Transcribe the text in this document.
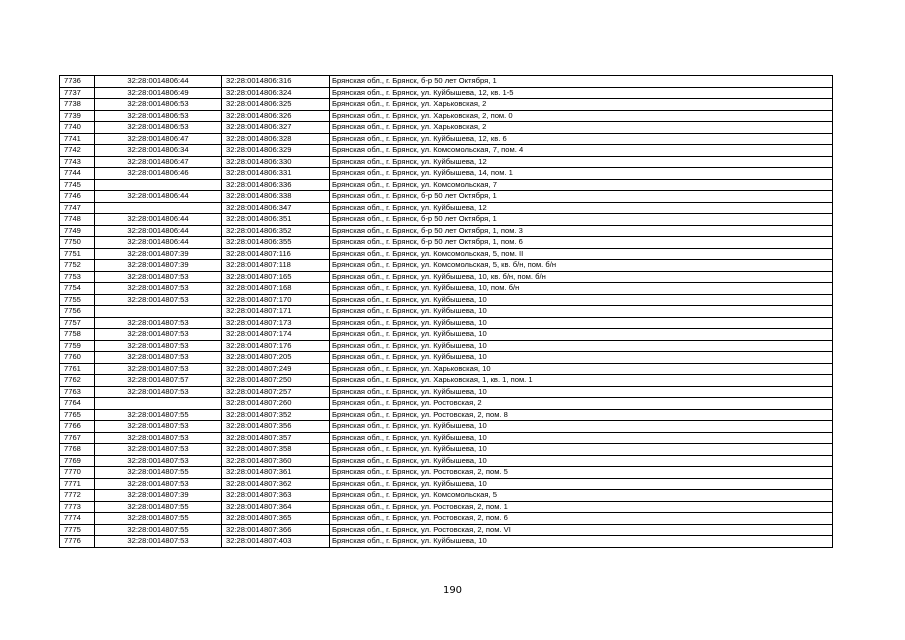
7736	32:28:0014806:44	32:28:0014806:316	Брянская обл., г. Брянск, б-р 50 лет Октября, 1
7737	32:28:0014806:49	32:28:0014806:324	Брянская обл., г. Брянск, ул. Куйбышева, 12, кв. 1-5
7738	32:28:0014806:53	32:28:0014806:325	Брянская обл., г. Брянск, ул. Харьковская, 2
7739	32:28:0014806:53	32:28:0014806:326	Брянская обл., г. Брянск, ул. Харьковская, 2, пом. 0
7740	32:28:0014806:53	32:28:0014806:327	Брянская обл., г. Брянск, ул. Харьковская, 2
7741	32:28:0014806:47	32:28:0014806:328	Брянская обл., г. Брянск, ул. Куйбышева, 12, кв. 6
7742	32:28:0014806:34	32:28:0014806:329	Брянская обл., г. Брянск, ул. Комсомольская, 7, пом. 4
7743	32:28:0014806:47	32:28:0014806:330	Брянская обл., г. Брянск, ул. Куйбышева, 12
7744	32:28:0014806:46	32:28:0014806:331	Брянская обл., г. Брянск, ул. Куйбышева, 14, пом. 1
7745		32:28:0014806:336	Брянская обл., г. Брянск, ул. Комсомольская, 7
7746	32:28:0014806:44	32:28:0014806:338	Брянская обл., г. Брянск, б-р 50 лет Октября, 1
7747		32:28:0014806:347	Брянская обл., г. Брянск, ул. Куйбышева, 12
7748	32:28:0014806:44	32:28:0014806:351	Брянская обл., г. Брянск, б-р 50 лет Октября, 1
7749	32:28:0014806:44	32:28:0014806:352	Брянская обл., г. Брянск, б-р 50 лет Октября, 1, пом. 3
7750	32:28:0014806:44	32:28:0014806:355	Брянская обл., г. Брянск, б-р 50 лет Октября, 1, пом. 6
7751	32:28:0014807:39	32:28:0014807:116	Брянская обл., г. Брянск, ул. Комсомольская, 5, пом. II
7752	32:28:0014807:39	32:28:0014807:118	Брянская обл., г. Брянск, ул. Комсомольская, 5, кв. б/н, пом. б/н
7753	32:28:0014807:53	32:28:0014807:165	Брянская обл., г. Брянск, ул. Куйбышева, 10, кв. б/н, пом. б/н
7754	32:28:0014807:53	32:28:0014807:168	Брянская обл., г. Брянск, ул. Куйбышева, 10, пом. б/н
7755	32:28:0014807:53	32:28:0014807:170	Брянская обл., г. Брянск, ул. Куйбышева, 10
7756		32:28:0014807:171	Брянская обл., г. Брянск, ул. Куйбышева, 10
7757	32:28:0014807:53	32:28:0014807:173	Брянская обл., г. Брянск, ул. Куйбышева, 10
7758	32:28:0014807:53	32:28:0014807:174	Брянская обл., г. Брянск, ул. Куйбышева, 10
7759	32:28:0014807:53	32:28:0014807:176	Брянская обл., г. Брянск, ул. Куйбышева, 10
7760	32:28:0014807:53	32:28:0014807:205	Брянская обл., г. Брянск, ул. Куйбышева, 10
7761	32:28:0014807:53	32:28:0014807:249	Брянская обл., г. Брянск, ул. Харьковская, 10
7762	32:28:0014807:57	32:28:0014807:250	Брянская обл., г. Брянск, ул. Харьковская, 1, кв. 1, пом. 1
7763	32:28:0014807:53	32:28:0014807:257	Брянская обл., г. Брянск, ул. Куйбышева, 10
7764		32:28:0014807:260	Брянская обл., г. Брянск, ул. Ростовская, 2
7765	32:28:0014807:55	32:28:0014807:352	Брянская обл., г. Брянск, ул. Ростовская, 2, пом. 8
7766	32:28:0014807:53	32:28:0014807:356	Брянская обл., г. Брянск, ул. Куйбышева, 10
7767	32:28:0014807:53	32:28:0014807:357	Брянская обл., г. Брянск, ул. Куйбышева, 10
7768	32:28:0014807:53	32:28:0014807:358	Брянская обл., г. Брянск, ул. Куйбышева, 10
7769	32:28:0014807:53	32:28:0014807:360	Брянская обл., г. Брянск, ул. Куйбышева, 10
7770	32:28:0014807:55	32:28:0014807:361	Брянская обл., г. Брянск, ул. Ростовская, 2, пом. 5
7771	32:28:0014807:53	32:28:0014807:362	Брянская обл., г. Брянск, ул. Куйбышева, 10
7772	32:28:0014807:39	32:28:0014807:363	Брянская обл., г. Брянск, ул. Комсомольская, 5
7773	32:28:0014807:55	32:28:0014807:364	Брянская обл., г. Брянск, ул. Ростовская, 2, пом. 1
7774	32:28:0014807:55	32:28:0014807:365	Брянская обл., г. Брянск, ул. Ростовская, 2, пом. 6
7775	32:28:0014807:55	32:28:0014807:366	Брянская обл., г. Брянск, ул. Ростовская, 2, пом. VI
7776	32:28:0014807:53	32:28:0014807:403	Брянская обл., г. Брянск, ул. Куйбышева, 10
190
